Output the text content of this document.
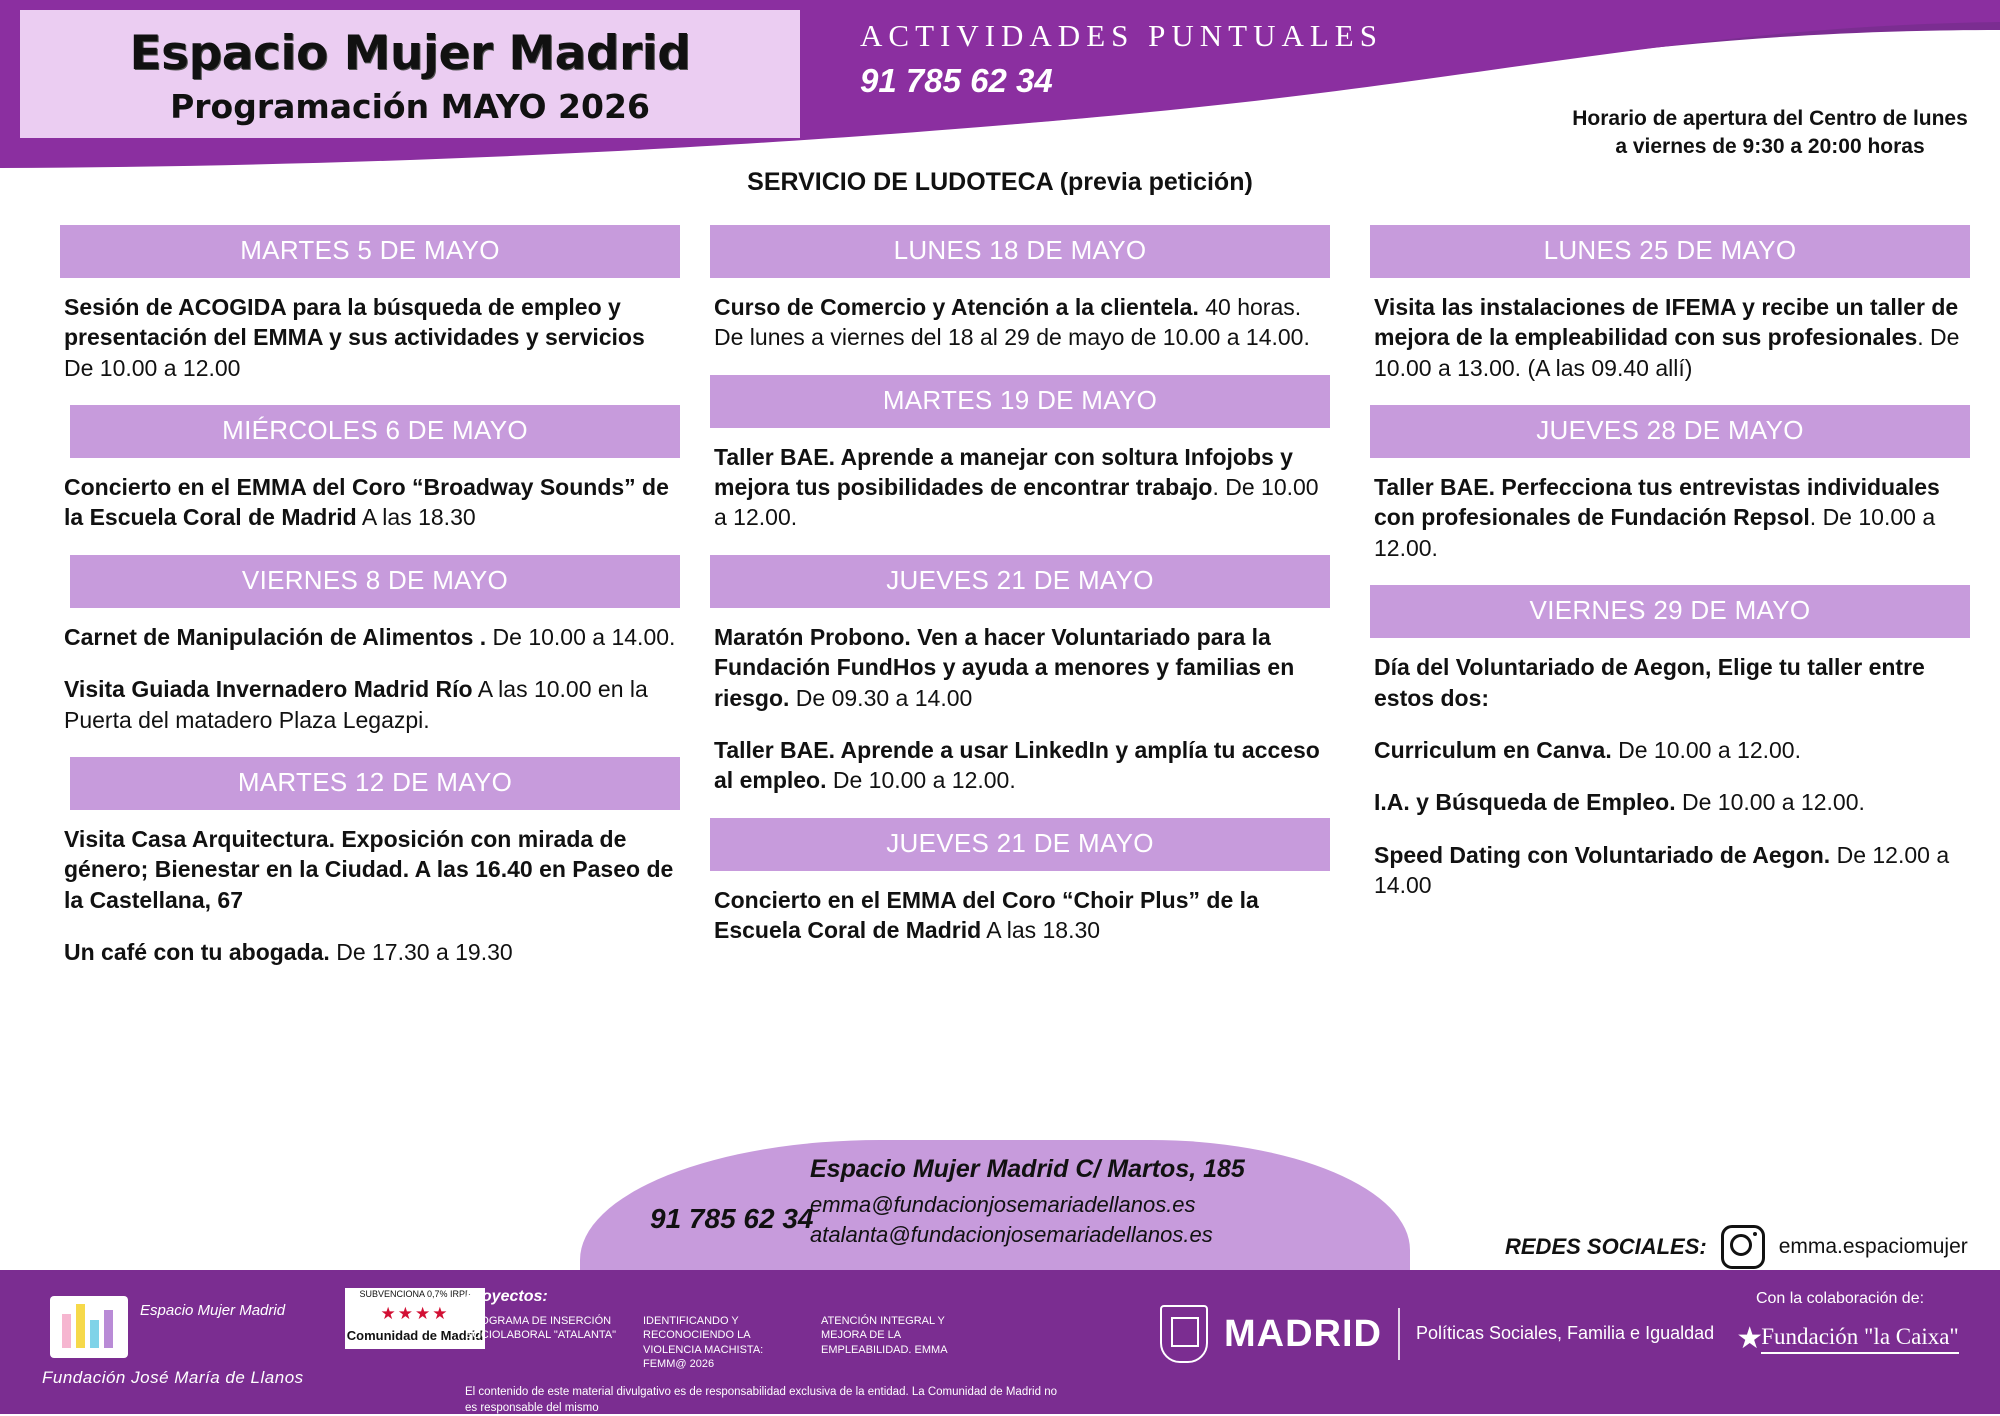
Espacio Mujer Madrid
Programación MAYO 2026
ACTIVIDADES PUNTUALES
91 785 62 34
Horario de apertura del Centro de lunes a viernes de 9:30 a 20:00 horas
SERVICIO DE LUDOTECA (previa petición)
MARTES 5 DE MAYO
Sesión de ACOGIDA para la búsqueda de empleo y presentación del EMMA y sus actividades y servicios De 10.00 a 12.00
MIÉRCOLES 6 DE MAYO
Concierto en el EMMA del Coro “Broadway Sounds” de la Escuela Coral de Madrid A las 18.30
VIERNES 8 DE MAYO
Carnet de Manipulación de Alimentos . De 10.00 a 14.00.
Visita Guiada Invernadero Madrid Río A las 10.00 en la Puerta del matadero Plaza Legazpi.
MARTES 12 DE MAYO
Visita Casa Arquitectura. Exposición con mirada de género; Bienestar en la Ciudad. A las 16.40 en Paseo de la Castellana, 67
Un café con tu abogada. De 17.30 a 19.30
LUNES 18 DE MAYO
Curso de Comercio y Atención a la clientela. 40 horas. De lunes a viernes del 18 al 29 de mayo de 10.00 a 14.00.
MARTES 19 DE MAYO
Taller BAE. Aprende a manejar con soltura Infojobs y mejora tus posibilidades de encontrar trabajo. De 10.00 a 12.00.
JUEVES 21 DE MAYO
Maratón Probono. Ven a hacer Voluntariado para la Fundación FundHos y ayuda a menores y familias en riesgo. De 09.30 a 14.00
Taller BAE. Aprende a usar LinkedIn y amplía tu acceso al empleo. De 10.00 a 12.00.
JUEVES 21 DE MAYO
Concierto en el EMMA del Coro “Choir Plus” de la Escuela Coral de Madrid A las 18.30
LUNES 25 DE MAYO
Visita las instalaciones de IFEMA y recibe un taller de mejora de la empleabilidad con sus profesionales. De 10.00 a 13.00. (A las 09.40 allí)
JUEVES 28 DE MAYO
Taller BAE. Perfecciona tus entrevistas individuales con profesionales de Fundación Repsol. De 10.00 a 12.00.
VIERNES 29 DE MAYO
Día del Voluntariado de Aegon, Elige tu taller entre estos dos:
Curriculum en Canva. De 10.00 a 12.00.
I.A. y Búsqueda de Empleo. De 10.00 a 12.00.
Speed Dating con Voluntariado de Aegon. De 12.00 a 14.00
Espacio Mujer Madrid C/ Martos, 185
91 785 62 34
emma@fundacionjosemariadellanos.es
atalanta@fundacionjosemariadellanos.es	REDES SOCIALES:	emma.espaciomujer
Espacio Mujer Madrid
Fundación José María de Llanos
SUBVENCIONA 0,7% IRPF
★★★★
Comunidad de Madrid
Proyectos:
PROGRAMA DE INSERCIÓN SOCIOLABORAL "ATALANTA"
IDENTIFICANDO Y RECONOCIENDO LA VIOLENCIA MACHISTA: FEMM@ 2026
ATENCIÓN INTEGRAL Y MEJORA DE LA EMPLEABILIDAD. EMMA
El contenido de este material divulgativo es de responsabilidad exclusiva de la entidad. La Comunidad de Madrid no es responsable del mismo
MADRID Políticas Sociales, Familia e Igualdad
Con la colaboración de:
★
Fundación "la Caixa"
